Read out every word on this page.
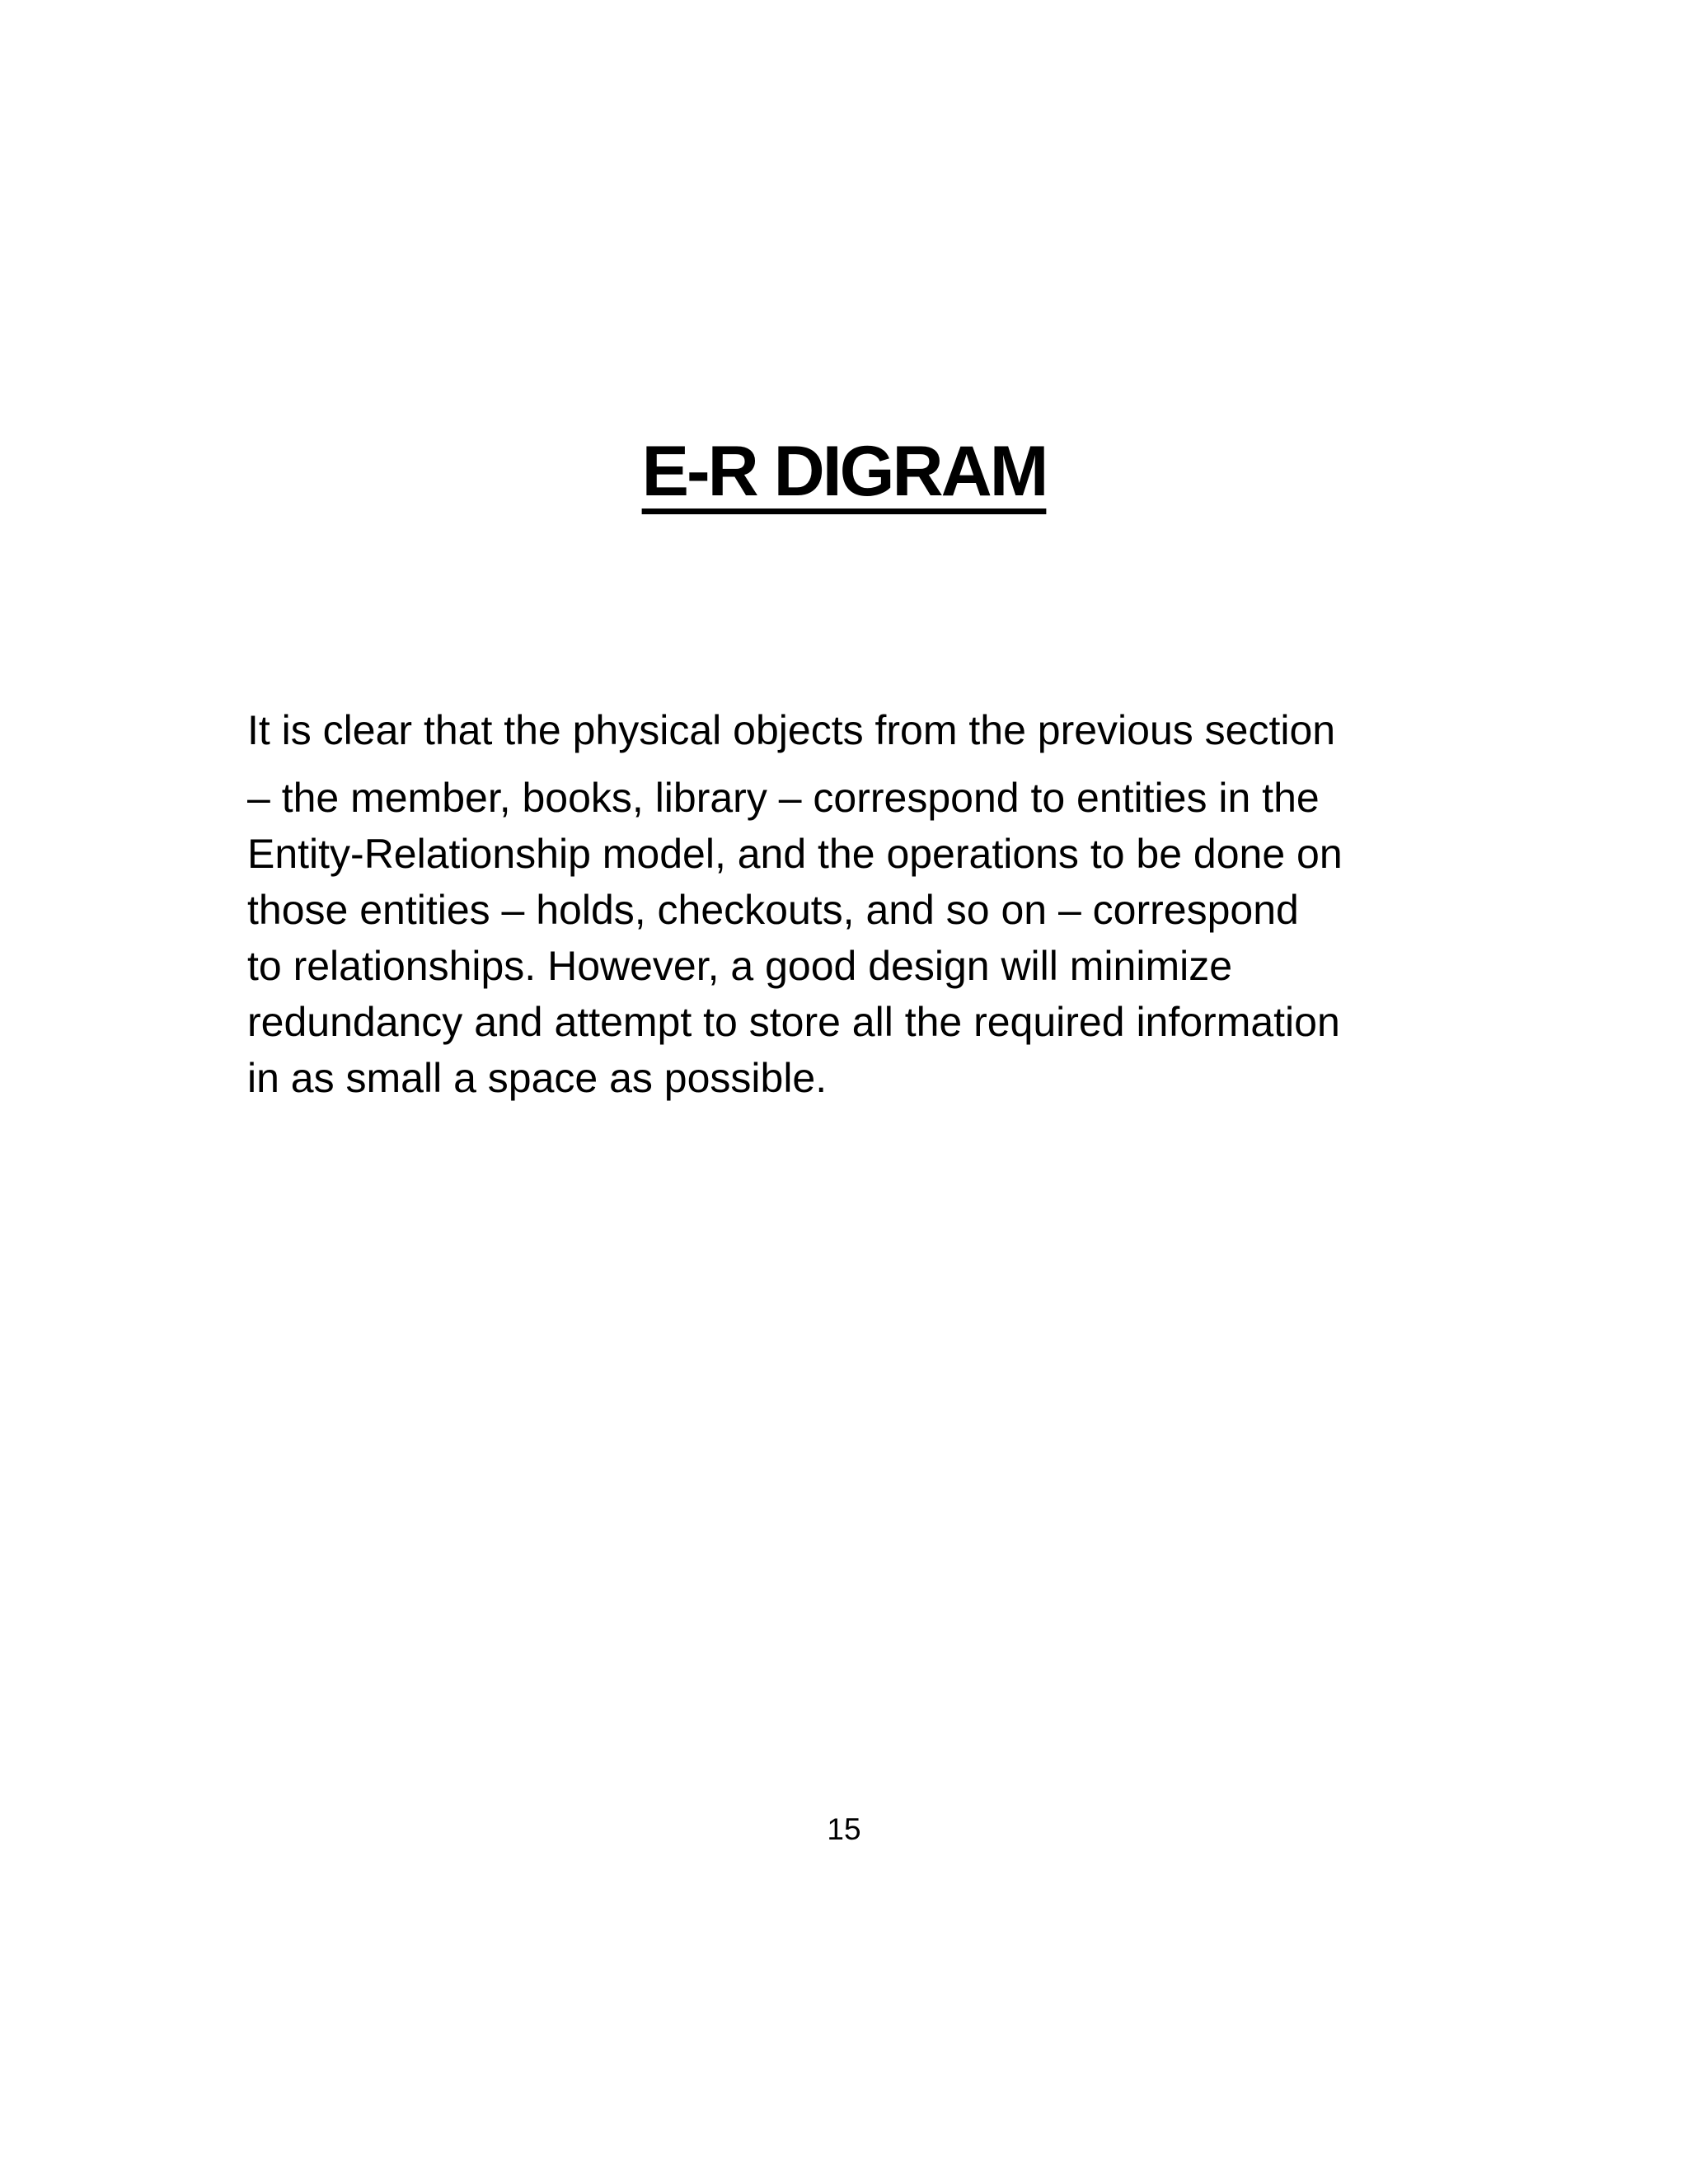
E-R DIGRAM
It is clear that the physical objects from the previous section
– the member, books, library – correspond to entities in the
Entity-Relationship model, and the operations to be done on
those entities – holds, checkouts, and so on – correspond
to relationships. However, a good design will minimize
redundancy and attempt to store all the required information
in as small a space as possible.

15
